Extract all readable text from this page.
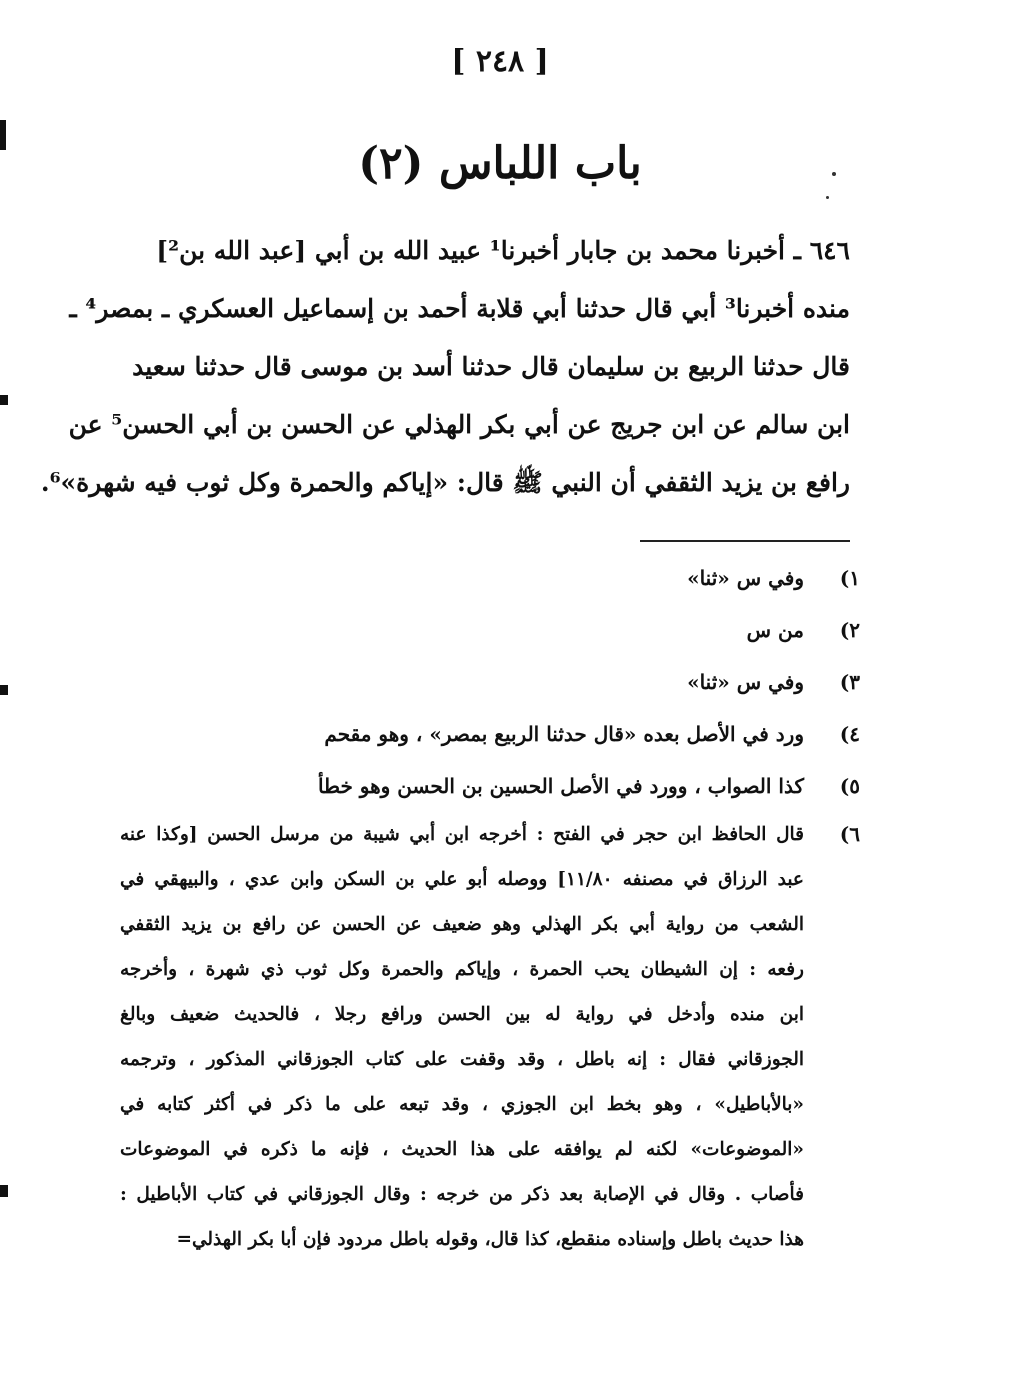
[ ٢٤٨ ]
(٢) باب اللباس
٦٤٦ ـ أخبرنا محمد بن جابار أخبرنا¹ عبيد الله بن أبي [عبد الله بن²]
منده أخبرنا³ أبي قال حدثنا أبي قلابة أحمد بن إسماعيل العسكري ـ بمصر⁴ ـ
قال حدثنا الربيع بن سليمان قال حدثنا أسد بن موسى قال حدثنا سعيد
ابن سالم عن ابن جريج عن أبي بكر الهذلي عن الحسن بن أبي الحسن⁵ عن
رافع بن يزيد الثقفي أن النبي ﷺ قال: «إياكم والحمرة وكل ثوب فيه شهرة»⁶.
١)
وفي س «ثنا»
٢)
من س
٣)
وفي س «ثنا»
٤)
ورد في الأصل بعده «قال حدثنا الربيع بمصر» ، وهو مقحم
٥)
كذا الصواب ، وورد في الأصل الحسين بن الحسن وهو خطأ
٦)
قال الحافظ ابن حجر في الفتح : أخرجه ابن أبي شيبة من مرسل الحسن [وكذا عنه
عبد الرزاق في مصنفه ١١/٨٠] ووصله أبو علي بن السكن وابن عدي ، والبيهقي في
الشعب من رواية أبي بكر الهذلي وهو ضعيف عن الحسن عن رافع بن يزيد الثقفي
رفعه : إن الشيطان يحب الحمرة ، وإياكم والحمرة وكل ثوب ذي شهرة ، وأخرجه
ابن منده وأدخل في رواية له بين الحسن ورافع رجلا ، فالحديث ضعيف وبالغ
الجوزقاني فقال : إنه باطل ، وقد وقفت على كتاب الجوزقاني المذكور ، وترجمه
«بالأباطيل» ، وهو بخط ابن الجوزي ، وقد تبعه على ما ذكر في أكثر كتابه في
«الموضوعات» لكنه لم يوافقه على هذا الحديث ، فإنه ما ذكره في الموضوعات
فأصاب . وقال في الإصابة بعد ذكر من خرجه : وقال الجوزقاني في كتاب الأباطيل :
هذا حديث باطل وإسناده منقطع، كذا قال، وقوله باطل مردود فإن أبا بكر الهذلي=
